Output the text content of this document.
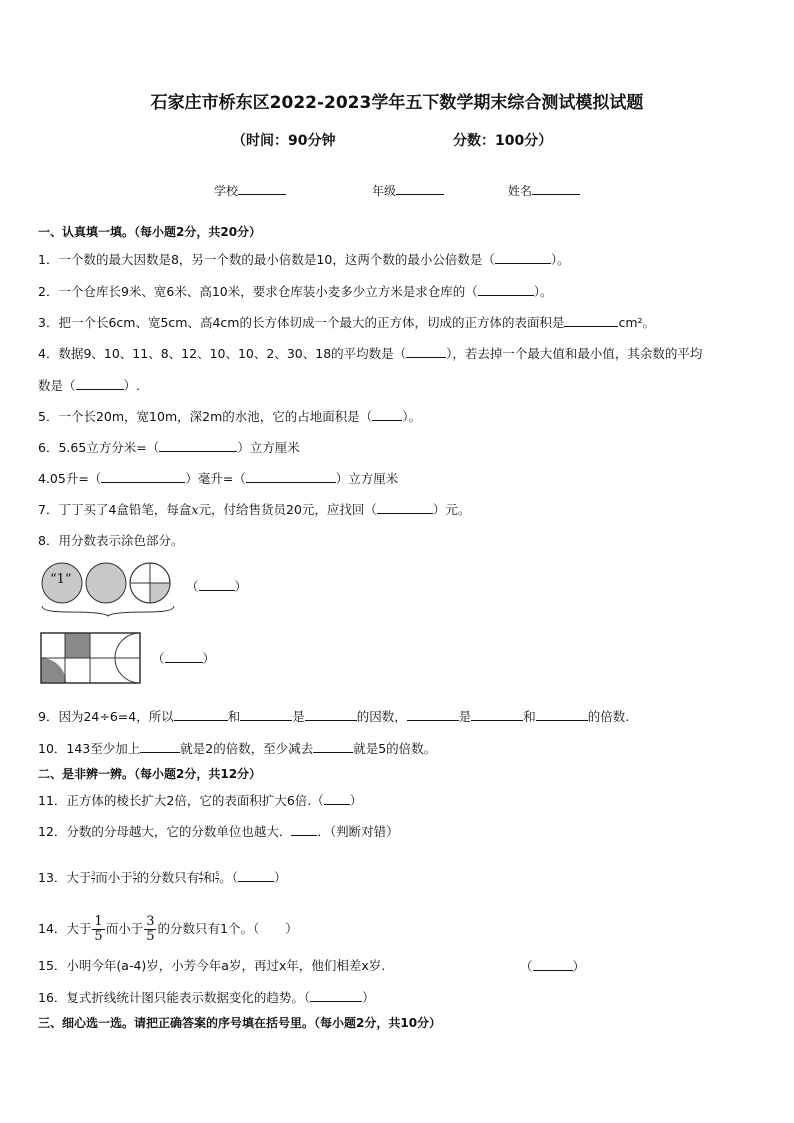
石家庄市桥东区2022-2023学年五下数学期末综合测试模拟试题
（时间：90分钟	分数：100分）
学校	年级	姓名
一、认真填一填。（每小题2分，共20分）
1．一个数的最大因数是8，另一个数的最小倍数是10，这两个数的最小公倍数是（	）。
2．一个仓库长9米、宽6米、高10米，要求仓库装小麦多少立方米是求仓库的（	）。
3．把一个长6cm、宽5cm、高4cm的长方体切成一个最大的正方体，切成的正方体的表面积是	cm²。
4．数据9、10、11、8、12、10、10、2、30、18的平均数是（	），若去掉一个最大值和最小值，其余数的平均
数是（	）.
5．一个长20m，宽10m，深2m的水池，它的占地面积是（ ）。
6．5.65立方分米=（	）立方厘米
4.05升=（	）毫升=（	）立方厘米
7．丁丁买了4盒铅笔，每盒x元，付给售货员20元，应找回（	）元。
8．用分数表示涂色部分。
“1”	（	）
（	）
9．因为24÷6=4，所以	和	是	的因数，	是	和	的倍数.
10．143至少加上	就是2的倍数，至少减去	就是5的倍数。
二、是非辨一辨。（每小题2分，共12分）
11．正方体的棱长扩大2倍，它的表面积扩大6倍.（ ）
12．分数的分母越大，它的分数单位也越大． ．（判断对错）
13．大于 $\frac{3}{7}$ 而小于 $\frac{5}{7}$ 的分数只有 $\frac{4}{7}$ 和 $\frac{5}{7}$ 。（	）
14．大于 $\frac{1}{5}$ 而小于 $\frac{3}{5}$ 的分数只有1个。（ ）
15．小明今年(a-4)岁，小芳今年a岁，再过x年，他们相差x岁.	（	）
16．复式折线统计图只能表示数据变化的趋势。（	）
三、细心选一选。请把正确答案的序号填在括号里。（每小题2分，共10分）
